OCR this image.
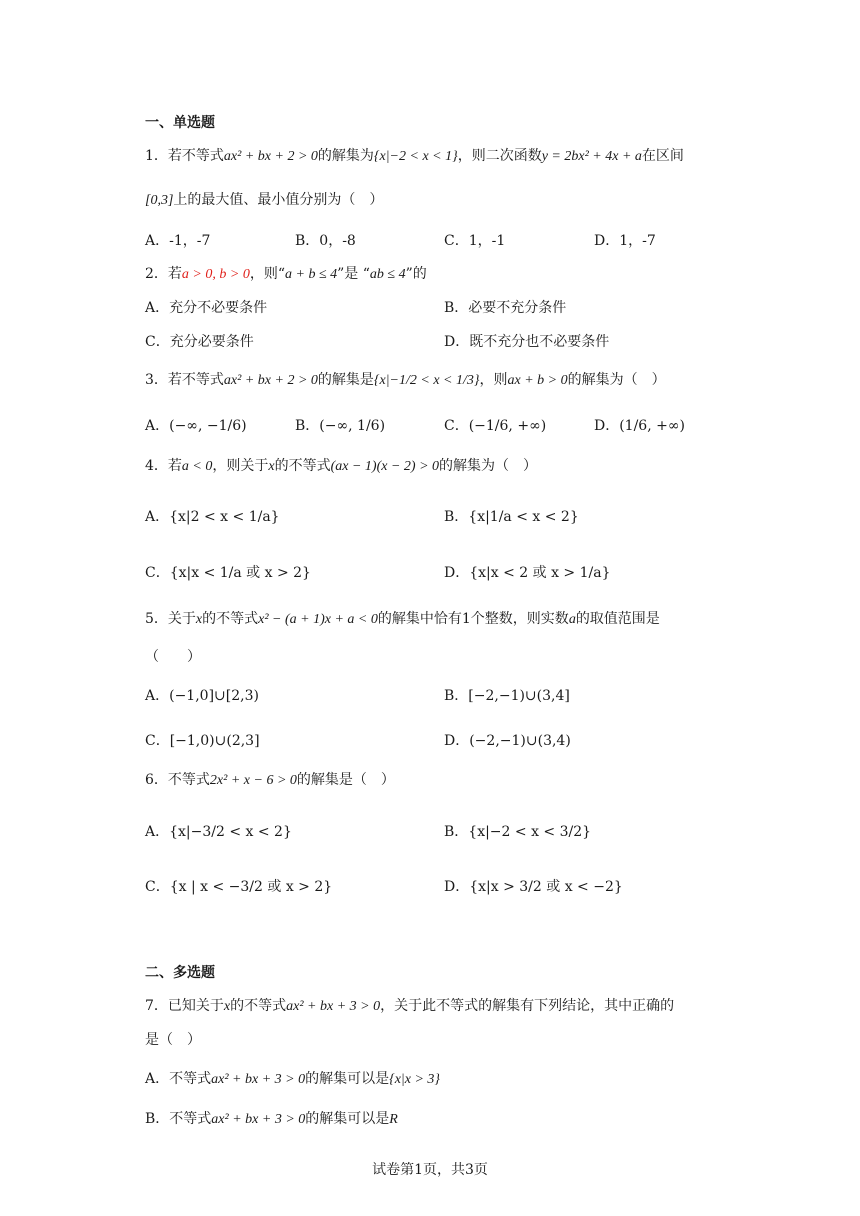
一、单选题
1．若不等式ax² + bx + 2 > 0的解集为{x|−2 < x < 1}，则二次函数y = 2bx² + 4x + a在区间
[0,3]上的最大值、最小值分别为（　）
A．-1，-7	B．0，-8	C．1，-1	D．1，-7
2．若a > 0, b > 0，则“a + b ≤ 4”是 “ab ≤ 4”的
A．充分不必要条件	B．必要不充分条件
C．充分必要条件	D．既不充分也不必要条件
3．若不等式ax² + bx + 2 > 0的解集是{x|−1/2 < x < 1/3}，则ax + b > 0的解集为（　）
A．(−∞, −1/6)	B．(−∞, 1/6)	C．(−1/6, +∞)	D．(1/6, +∞)
4．若a < 0，则关于x的不等式(ax − 1)(x − 2) > 0的解集为（　）
A．{x|2 < x < 1/a}	B．{x|1/a < x < 2}
C．{x|x < 1/a 或 x > 2}	D．{x|x < 2 或 x > 1/a}
5．关于x的不等式x² − (a + 1)x + a < 0的解集中恰有1个整数，则实数a的取值范围是
（　　）
A．(−1,0]∪[2,3)	B．[−2,−1)∪(3,4]
C．[−1,0)∪(2,3]	D．(−2,−1)∪(3,4)
6．不等式2x² + x − 6 > 0的解集是（　）
A．{x|−3/2 < x < 2}	B．{x|−2 < x < 3/2}
C．{x | x < −3/2 或 x > 2}	D．{x|x > 3/2 或 x < −2}
二、多选题
7．已知关于x的不等式ax² + bx + 3 > 0，关于此不等式的解集有下列结论，其中正确的
是（　）
A．不等式ax² + bx + 3 > 0的解集可以是{x|x > 3}
B．不等式ax² + bx + 3 > 0的解集可以是R
试卷第1页，共3页
